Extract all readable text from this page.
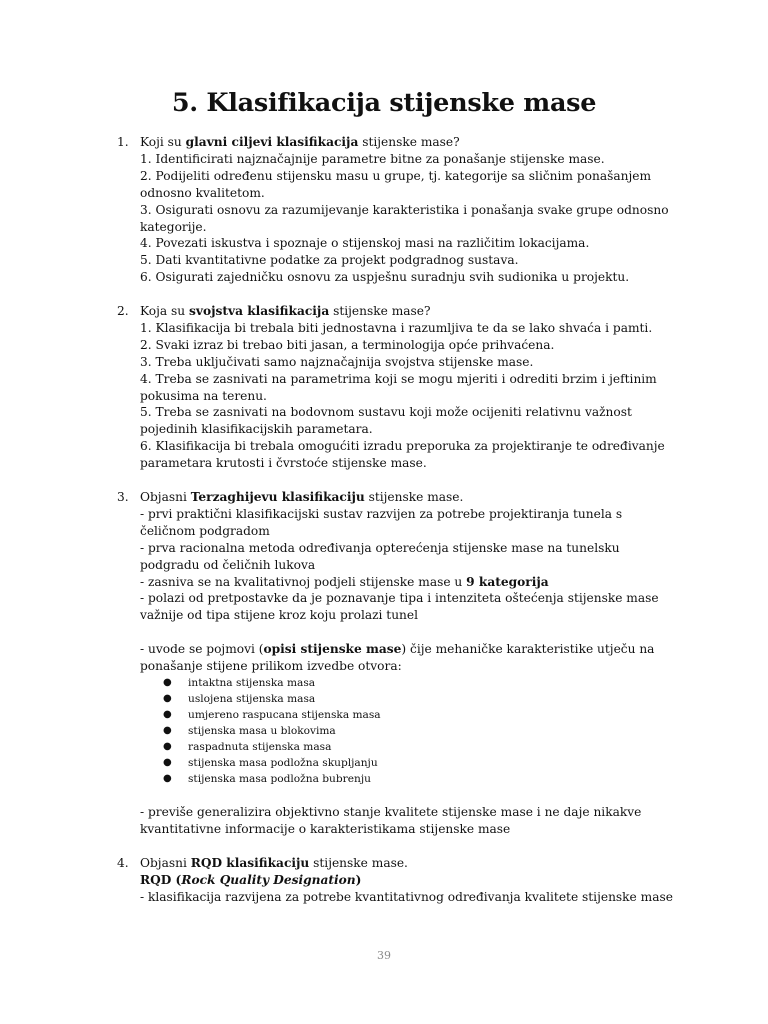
5. Klasifikacija stijenske mase
1. Koji su glavni ciljevi klasifikacija stijenske mase?
1. Identificirati najznačajnije parametre bitne za ponašanje stijenske mase.
2. Podijeliti određenu stijensku masu u grupe, tj. kategorije sa sličnim ponašanjem
odnosno kvalitetom.
3. Osigurati osnovu za razumijevanje karakteristika i ponašanja svake grupe odnosno
kategorije.
4. Povezati iskustva i spoznaje o stijenskoj masi na različitim lokacijama.
5. Dati kvantitativne podatke za projekt podgradnog sustava.
6. Osigurati zajedničku osnovu za uspješnu suradnju svih sudionika u projektu.
2. Koja su svojstva klasifikacija stijenske mase?
1. Klasifikacija bi trebala biti jednostavna i razumljiva te da se lako shvaća i pamti.
2. Svaki izraz bi trebao biti jasan, a terminologija opće prihvaćena.
3. Treba uključivati samo najznačajnija svojstva stijenske mase.
4. Treba se zasnivati na parametrima koji se mogu mjeriti i odrediti brzim i jeftinim
pokusima na terenu.
5. Treba se zasnivati na bodovnom sustavu koji može ocijeniti relativnu važnost
pojedinih klasifikacijskih parametara.
6. Klasifikacija bi trebala omogućiti izradu preporuka za projektiranje te određivanje
parametara krutosti i čvrstoće stijenske mase.
3. Objasni Terzaghijevu klasifikaciju stijenske mase.
- prvi praktični klasifikacijski sustav razvijen za potrebe projektiranja tunela s čeličnom podgradom
- prva racionalna metoda određivanja opterećenja stijenske mase na tunelsku podgradu od čeličnih lukova
- zasniva se na kvalitativnoj podjeli stijenske mase u 9 kategorija
- polazi od pretpostavke da je poznavanje tipa i intenziteta oštećenja stijenske mase važnije od tipa stijene kroz koju prolazi tunel
- uvode se pojmovi (opisi stijenske mase) čije mehaničke karakteristike utječu na ponašanje stijene prilikom izvedbe otvora:
● intaktna stijenska masa
● uslojena stijenska masa
● umjereno raspucana stijenska masa
● stijenska masa u blokovima
● raspadnuta stijenska masa
● stijenska masa podložna skupljanju
● stijenska masa podložna bubrenju
- previše generalizira objektivno stanje kvalitete stijenske mase i ne daje nikakve kvantitativne informacije o karakteristikama stijenske mase
4. Objasni RQD klasifikaciju stijenske mase.
RQD (Rock Quality Designation)
- klasifikacija razvijena za potrebe kvantitativnog određivanja kvalitete stijenske mase
39
